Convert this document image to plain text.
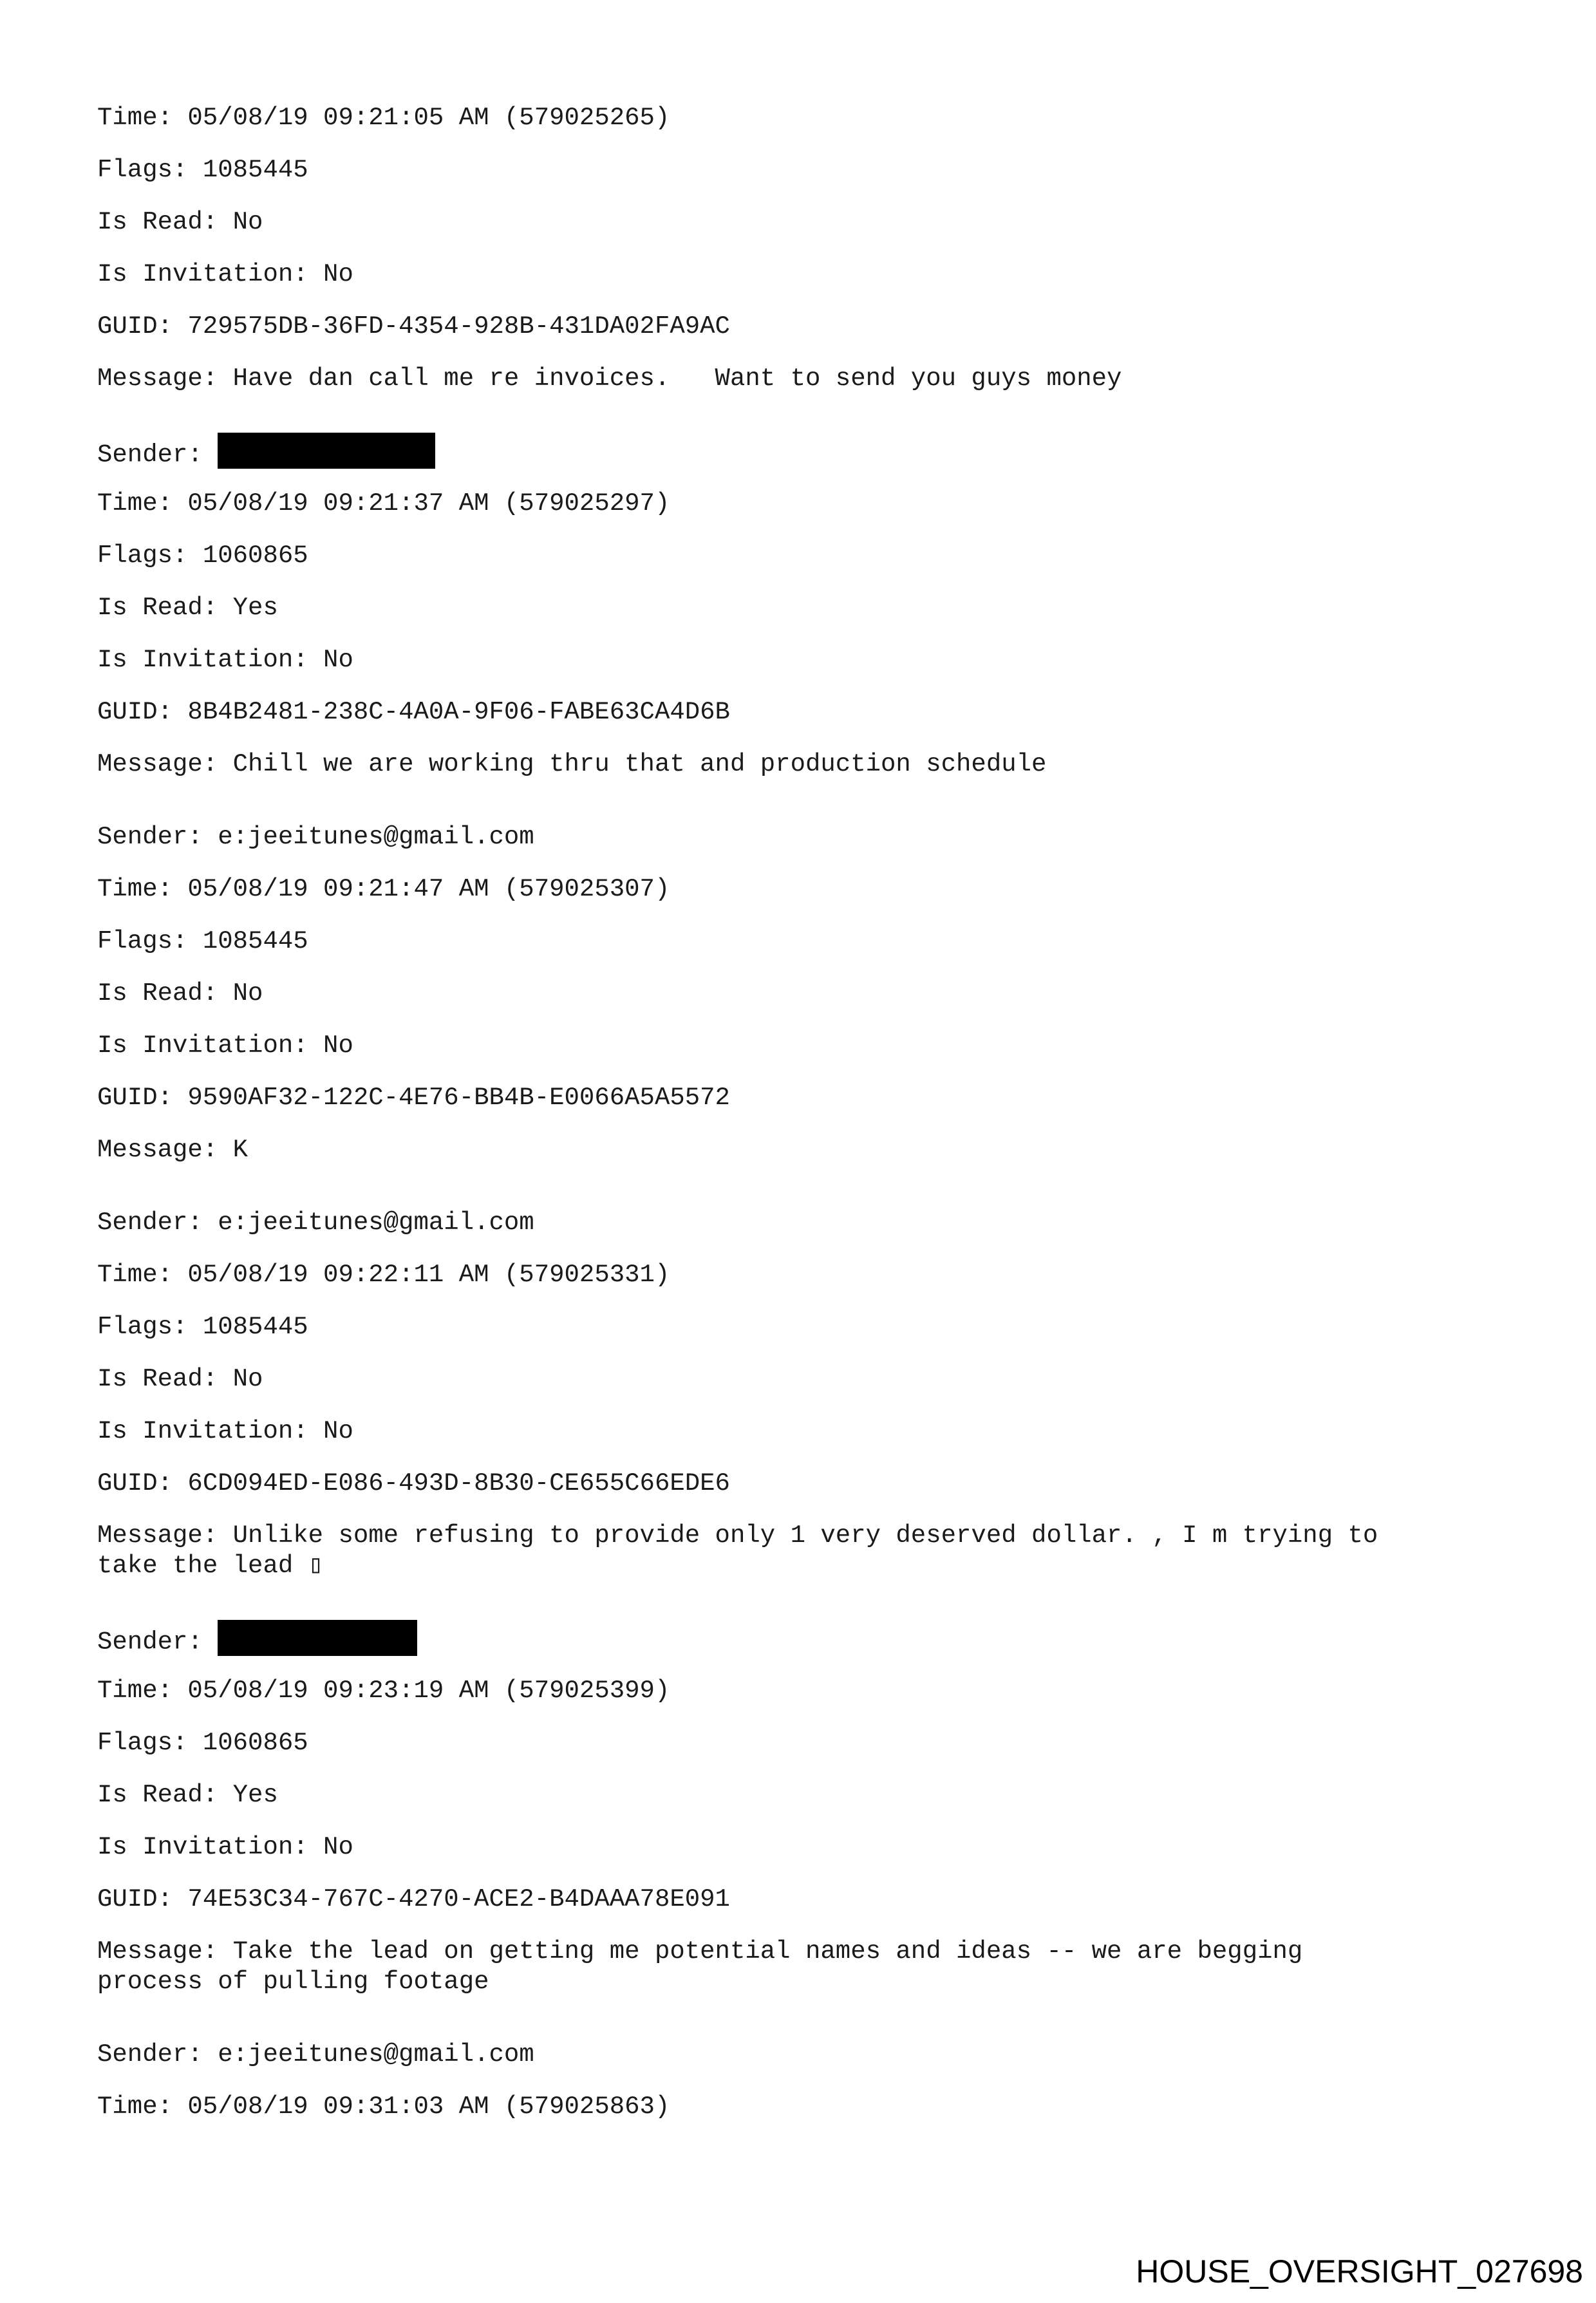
Time: 05/08/19 09:21:05 AM (579025265)
Flags: 1085445
Is Read: No
Is Invitation: No
GUID: 729575DB-36FD-4354-928B-431DA02FA9AC
Message: Have dan call me re invoices.   Want to send you guys money
Sender:
Time: 05/08/19 09:21:37 AM (579025297)
Flags: 1060865
Is Read: Yes
Is Invitation: No
GUID: 8B4B2481-238C-4A0A-9F06-FABE63CA4D6B
Message: Chill we are working thru that and production schedule
Sender: e:jeeitunes@gmail.com
Time: 05/08/19 09:21:47 AM (579025307)
Flags: 1085445
Is Read: No
Is Invitation: No
GUID: 9590AF32-122C-4E76-BB4B-E0066A5A5572
Message: K
Sender: e:jeeitunes@gmail.com
Time: 05/08/19 09:22:11 AM (579025331)
Flags: 1085445
Is Read: No
Is Invitation: No
GUID: 6CD094ED-E086-493D-8B30-CE655C66EDE6
Message: Unlike some refusing to provide only 1 very deserved dollar. , I m trying to
take the lead ▯
Sender:
Time: 05/08/19 09:23:19 AM (579025399)
Flags: 1060865
Is Read: Yes
Is Invitation: No
GUID: 74E53C34-767C-4270-ACE2-B4DAAA78E091
Message: Take the lead on getting me potential names and ideas -- we are begging
process of pulling footage
Sender: e:jeeitunes@gmail.com
Time: 05/08/19 09:31:03 AM (579025863)
HOUSE_OVERSIGHT_027698
